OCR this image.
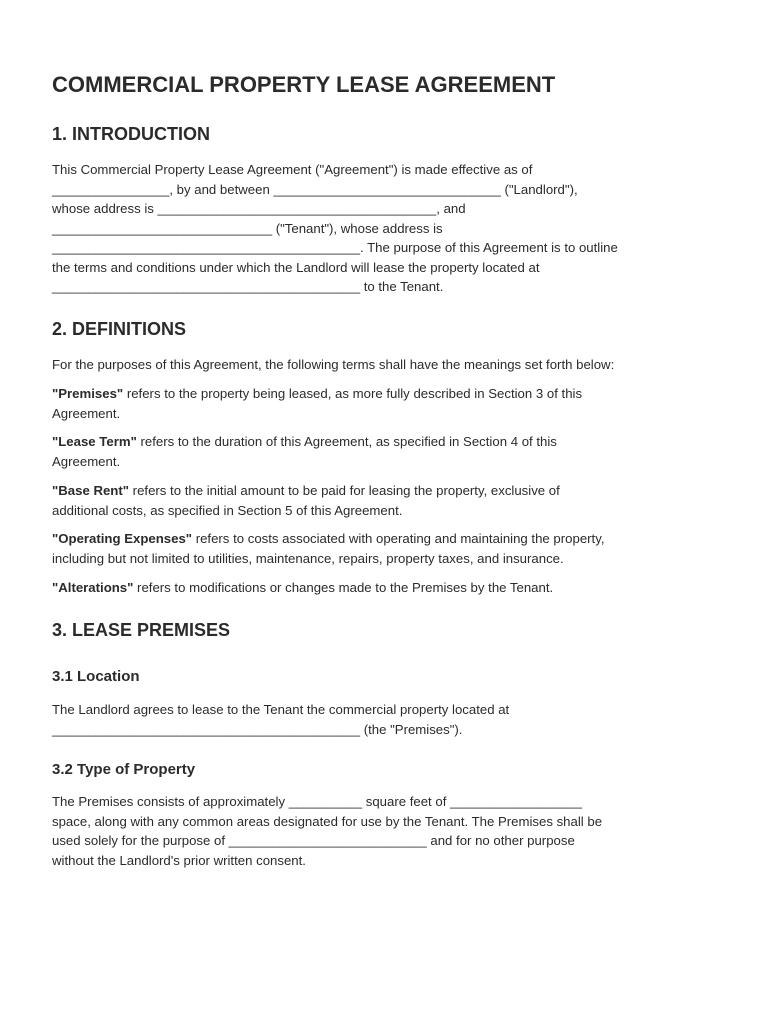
COMMERCIAL PROPERTY LEASE AGREEMENT
1. INTRODUCTION

This Commercial Property Lease Agreement ("Agreement") is made effective as of
________________, by and between _______________________________ ("Landlord"),
whose address is ______________________________________, and
______________________________ ("Tenant"), whose address is
__________________________________________. The purpose of this Agreement is to outline
the terms and conditions under which the Landlord will lease the property located at
__________________________________________ to the Tenant.

2. DEFINITIONS

For the purposes of this Agreement, the following terms shall have the meanings set forth below:

"Premises" refers to the property being leased, as more fully described in Section 3 of this
Agreement.

"Lease Term" refers to the duration of this Agreement, as specified in Section 4 of this
Agreement.

"Base Rent" refers to the initial amount to be paid for leasing the property, exclusive of
additional costs, as specified in Section 5 of this Agreement.

"Operating Expenses" refers to costs associated with operating and maintaining the property,
including but not limited to utilities, maintenance, repairs, property taxes, and insurance.

"Alterations" refers to modifications or changes made to the Premises by the Tenant.

3. LEASE PREMISES
3.1 Location

The Landlord agrees to lease to the Tenant the commercial property located at
__________________________________________ (the "Premises").

3.2 Type of Property

The Premises consists of approximately __________ square feet of __________________
space, along with any common areas designated for use by the Tenant. The Premises shall be
used solely for the purpose of ___________________________ and for no other purpose
without the Landlord's prior written consent.
